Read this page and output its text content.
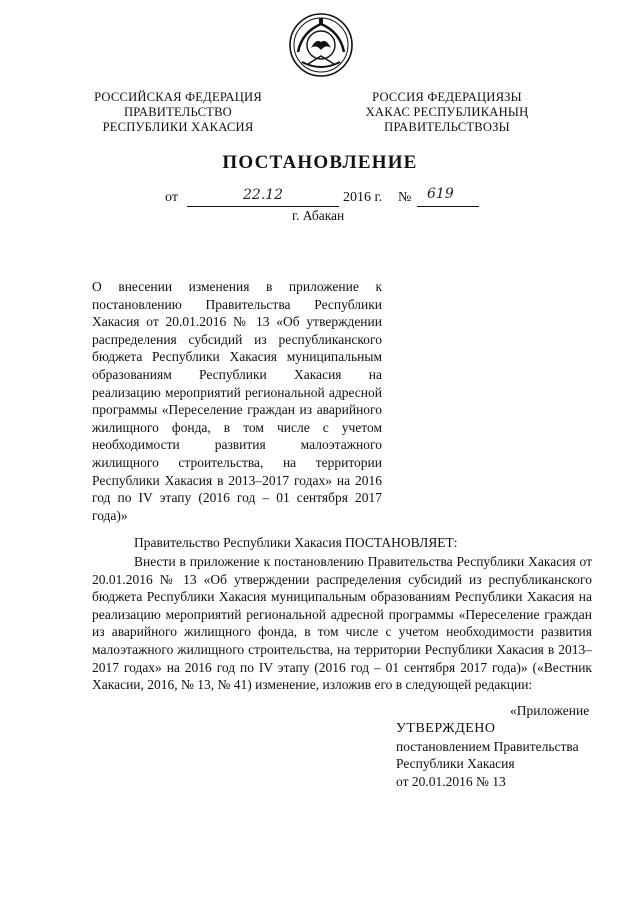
РОССИЙСКАЯ ФЕДЕРАЦИЯ
ПРАВИТЕЛЬСТВО
РЕСПУБЛИКИ ХАКАСИЯ
РОССИЯ ФЕДЕРАЦИЯЗЫ
ХАКАС РЕСПУБЛИКАНЫҢ
ПРАВИТЕЛЬСТВОЗЫ
ПОСТАНОВЛЕНИЕ
от	22.12	2016 г. № 619
г. Абакан
О внесении изменения в приложение к постановлению Правительства Республики Хакасия от 20.01.2016 № 13 «Об утверждении распределения субсидий из республиканского бюджета Республики Хакасия муниципальным образованиям Республики Хакасия на реализацию мероприятий региональной адресной программы «Переселение граждан из аварийного жилищного фонда, в том числе с учетом необходимости развития малоэтажного жилищного строительства, на территории Республики Хакасия в 2013–2017 годах» на 2016 год по IV этапу (2016 год – 01 сентября 2017 года)»
Правительство Республики Хакасия ПОСТАНОВЛЯЕТ:
Внести в приложение к постановлению Правительства Республики Хакасия от 20.01.2016 № 13 «Об утверждении распределения субсидий из республиканского бюджета Республики Хакасия муниципальным образованиям Республики Хакасия на реализацию мероприятий региональной адресной программы «Переселение граждан из аварийного жилищного фонда, в том числе с учетом необходимости развития малоэтажного жилищного строительства, на территории Республики Хакасия в 2013–2017 годах» на 2016 год по IV этапу (2016 год – 01 сентября 2017 года)» («Вестник Хакасии, 2016, № 13, № 41) изменение, изложив его в следующей редакции:
«Приложение
УТВЕРЖДЕНО
постановлением Правительства
Республики Хакасия
от 20.01.2016 № 13
